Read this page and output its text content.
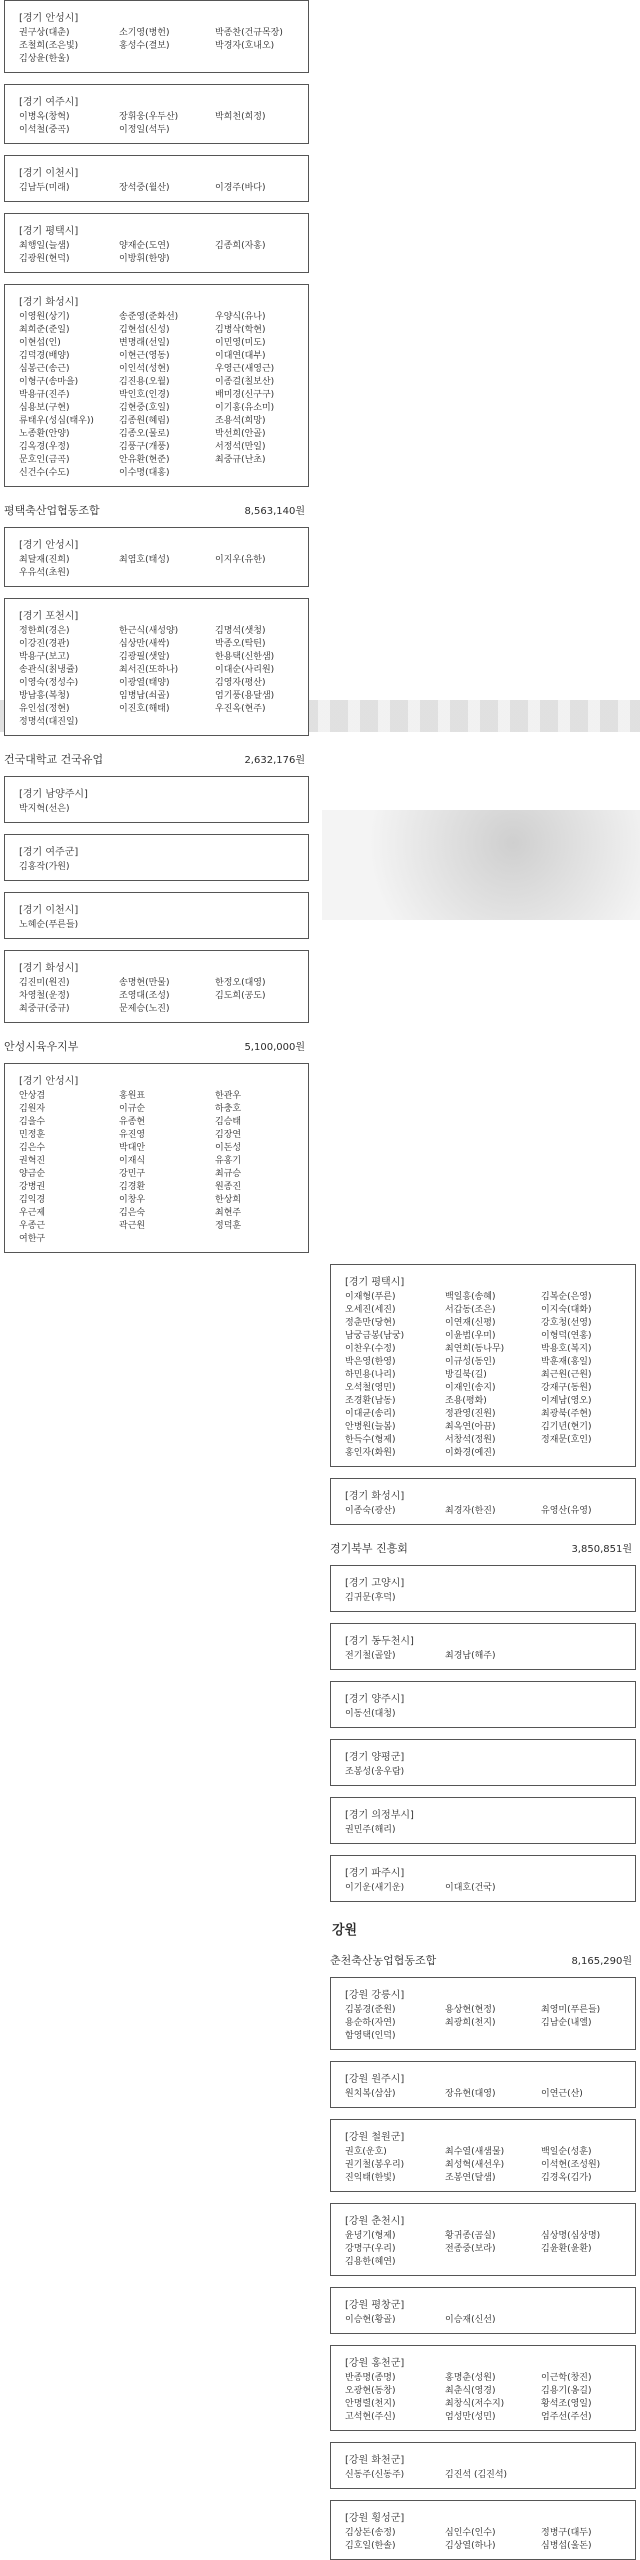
[경기 안성시]
권구상(대춘)	소기영(병헌)	박종찬(건규목장)
조철희(조은빛)	홍성수(결보)	박경자(호내오)
김상윤(한울)
[경기 여주시]
이병옥(창혁)	장휘웅(우두산)	박희천(희정)
이석철(중곡)	이정일(석두)
[경기 이천시]
김남두(미래)	장석중(월산)	이경주(바다)
[경기 평택시]
최행일(늘샘)	양재순(도연)	김종희(자홍)
김광원(현덕)	이방휘(한양)
[경기 화성시]
이영원(상기)	송준영(준화선)	우양식(유나)
최희준(준일)	김현섭(신성)	김병삭(학현)
이현섭(인)	변명래(선일)	이민영(미도)
김덕경(배양)	이현근(영동)	이대연(대부)
심봉근(송근)	이인석(성현)	우영근(새영근)
이형구(송마을)	김진용(오월)	이종걸(칠보산)
박용규(진주)	박인호(인경)	배미경(신구구)
심용보(구현)	김현중(호일)	이기홍(유소미)
류태우(성심(태우))	김종원(혜림)	조용석(희망)
노종환(안양)	김종오(물로)	박선희(안골)
김옥경(우정)	김풍구(개풍)	서정석(만일)
문호인(금곡)	안유환(현준)	최중규(난초)
신건수(수도)	이수명(대홍)
평택축산업협동조합	8,563,140원
[경기 안성시]
최달재(진희)	최염호(태성)	이지우(유한)
우유석(초원)
[경기 포천시]
정한희(경은)	한근식(새성양)	김명석(샛청)
이강진(경관)	심상만(새싹)	박종오(탁틴)
박용구(보고)	김광필(샛알)	한용택(신한샘)
송관식(칡냉쥴)	최서진(또하나)	이대순(사리원)
이영숙(정성수)	이광열(태양)	김영자(평산)
방남흥(복청)	임병남(쇠골)	엄기풍(용달샘)
유인섭(정현)	이진호(해태)	우진옥(현주)
정명석(대진일)
건국대학교 건국유업	2,632,176원
[경기 남양주시]
박지혁(선은)
[경기 여주군]
김홍작(가원)
[경기 이천시]
노혜순(푸른들)
[경기 화성시]
김진미(원진)	송명현(만물)	한정오(대영)
차영철(운정)	조영대(조성)	김도희(공도)
최중규(중규)	문제승(노진)
안성시육우지부	5,100,000원
[경기 안성시]
안상겸	홍원표	한관우
김원자	이규순	하충호
김을수	유종현	김승태
민정훈	유진영	김장연
김은수	박대안	이돈성
권혁진	이재식	유홍기
양금순	강민구	최규승
강병권	김경환	원종진
김익경	이창우	한상희
우근제	김은숙	최현주
우종근	곽근원	정덕훈
여한구
[경기 평택시]
이재형(푸른)	백일흥(송혜)	김복순(은영)
오세진(세진)	서갑동(조은)	이지숙(대화)
정춘만(당현)	이연재(신평)	강호청(선영)
남궁금봉(남궁)	이윤범(우미)	이형덕(연홍)
이찬우(수정)	최연희(동나무)	박용호(복지)
박은영(한영)	이규성(동인)	박훈재(홍일)
하민용(나리)	방길북(길)	최근원(근원)
오석철(영민)	이재인(송지)	강재구(동원)
조경환(남동)	조용(평화)	이계남(영오)
이대균(송리)	정관영(진원)	최광북(주현)
안병원(늘봄)	최옥연(아끔)	김기년(현기)
한득수(형제)	서창석(정원)	정재문(호인)
홍인자(화원)	이화경(예진)
[경기 화성시]
이종숙(광산)	최경자(한진)	유영산(유영)
경기북부 진흥회	3,850,851원
[경기 고양시]
김귀문(후덕)
[경기 동두천시]
전기철(골알)	최경남(해주)
[경기 양주시]
이동선(대청)
[경기 양평군]
조봉성(웅우람)
[경기 의정부시]
권민주(해리)
[경기 파주시]
이기운(새기운)	이대호(건국)
강원
춘천축산농업협동조합	8,165,290원
[강원 강릉시]
김봉경(준원)	용상현(현정)	최영미(푸른들)
용순하(자연)	최광희(천지)	김남순(내엘)
함영택(인덕)
[강원 원주시]
원치복(삼삼)	장유현(대영)	이연근(산)
[강원 철원군]
권호(운호)	최수열(새샘물)	백일순(성훈)
권기철(봉우리)	최성혁(새선우)	이석현(조성원)
진익태(한빛)	조봉연(달샘)	김경옥(김가)
[강원 춘천시]
윤녕기(형제)	황귀종(곰실)	심상명(심상명)
강명구(우리)	전종중(보라)	김윤환(윤환)
김용한(혜연)
[강원 평창군]
이승현(황골)	이승재(신선)
[강원 홍천군]
반종명(종명)	홍명춘(성원)	이근학(창진)
오광현(동창)	최춘식(영경)	김용기(옹길)
안명렬(천지)	최창식(저수지)	황석조(영일)
고석현(주신)	엄성만(성민)	엄주선(주선)
[강원 화천군]
신동주(신동주)	김진석 (김진석)
[강원 횡성군]
김상돈(송정)	심인수(인수)	정병구(대두)
김호일(한솔)	김상열(하나)	심병섭(울돈)
